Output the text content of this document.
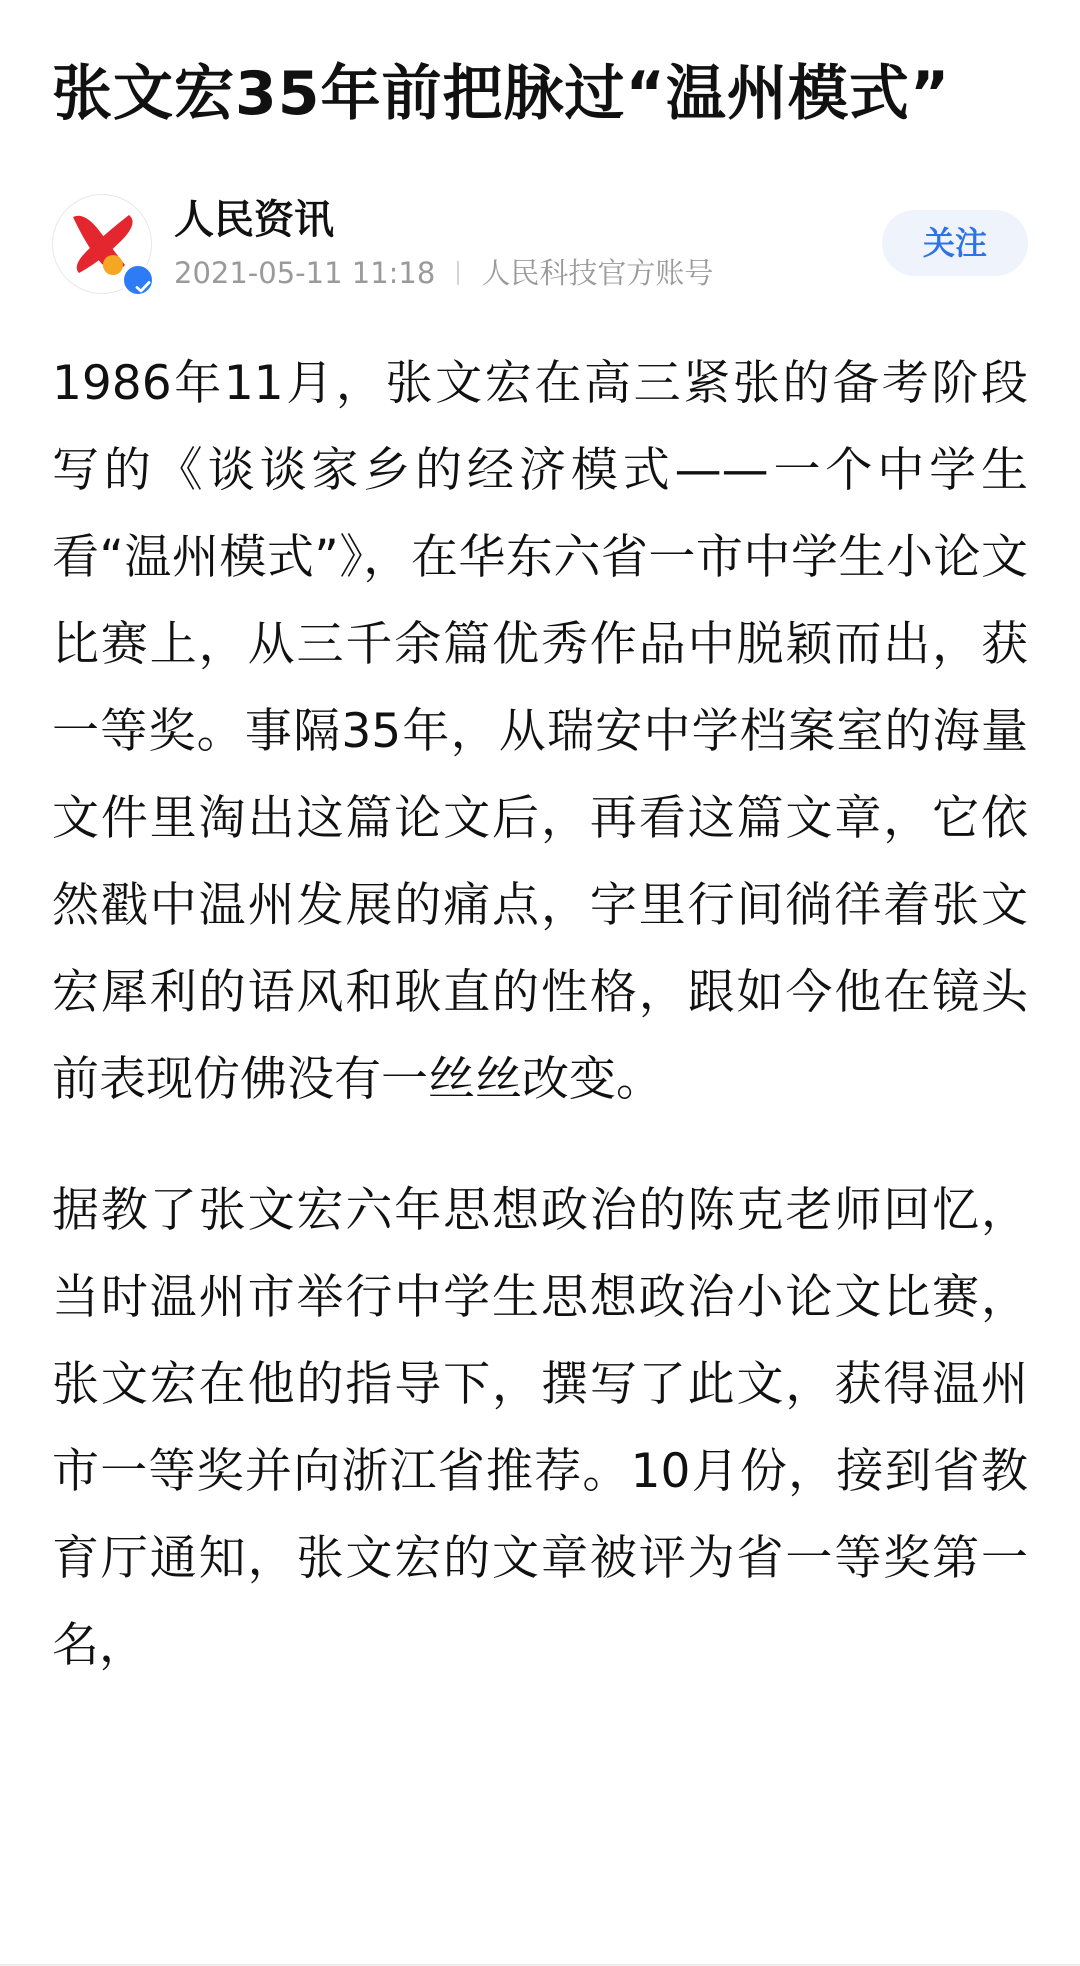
张文宏35年前把脉过“温州模式”
人民资讯
2021-05-11 11:18 人民科技官方账号
关注

1986年11月，张文宏在高三紧张的备考阶段写的《谈谈家乡的经济模式——一个中学生看“温州模式”》，在华东六省一市中学生小论文比赛上，从三千余篇优秀作品中脱颖而出，获一等奖。事隔35年，从瑞安中学档案室的海量文件里淘出这篇论文后，再看这篇文章，它依然戳中温州发展的痛点，字里行间徜徉着张文宏犀利的语风和耿直的性格，跟如今他在镜头前表现仿佛没有一丝丝改变。

据教了张文宏六年思想政治的陈克老师回忆，当时温州市举行中学生思想政治小论文比赛，张文宏在他的指导下，撰写了此文，获得温州市一等奖并向浙江省推荐。10月份，接到省教育厅通知，张文宏的文章被评为省一等奖第一名，
